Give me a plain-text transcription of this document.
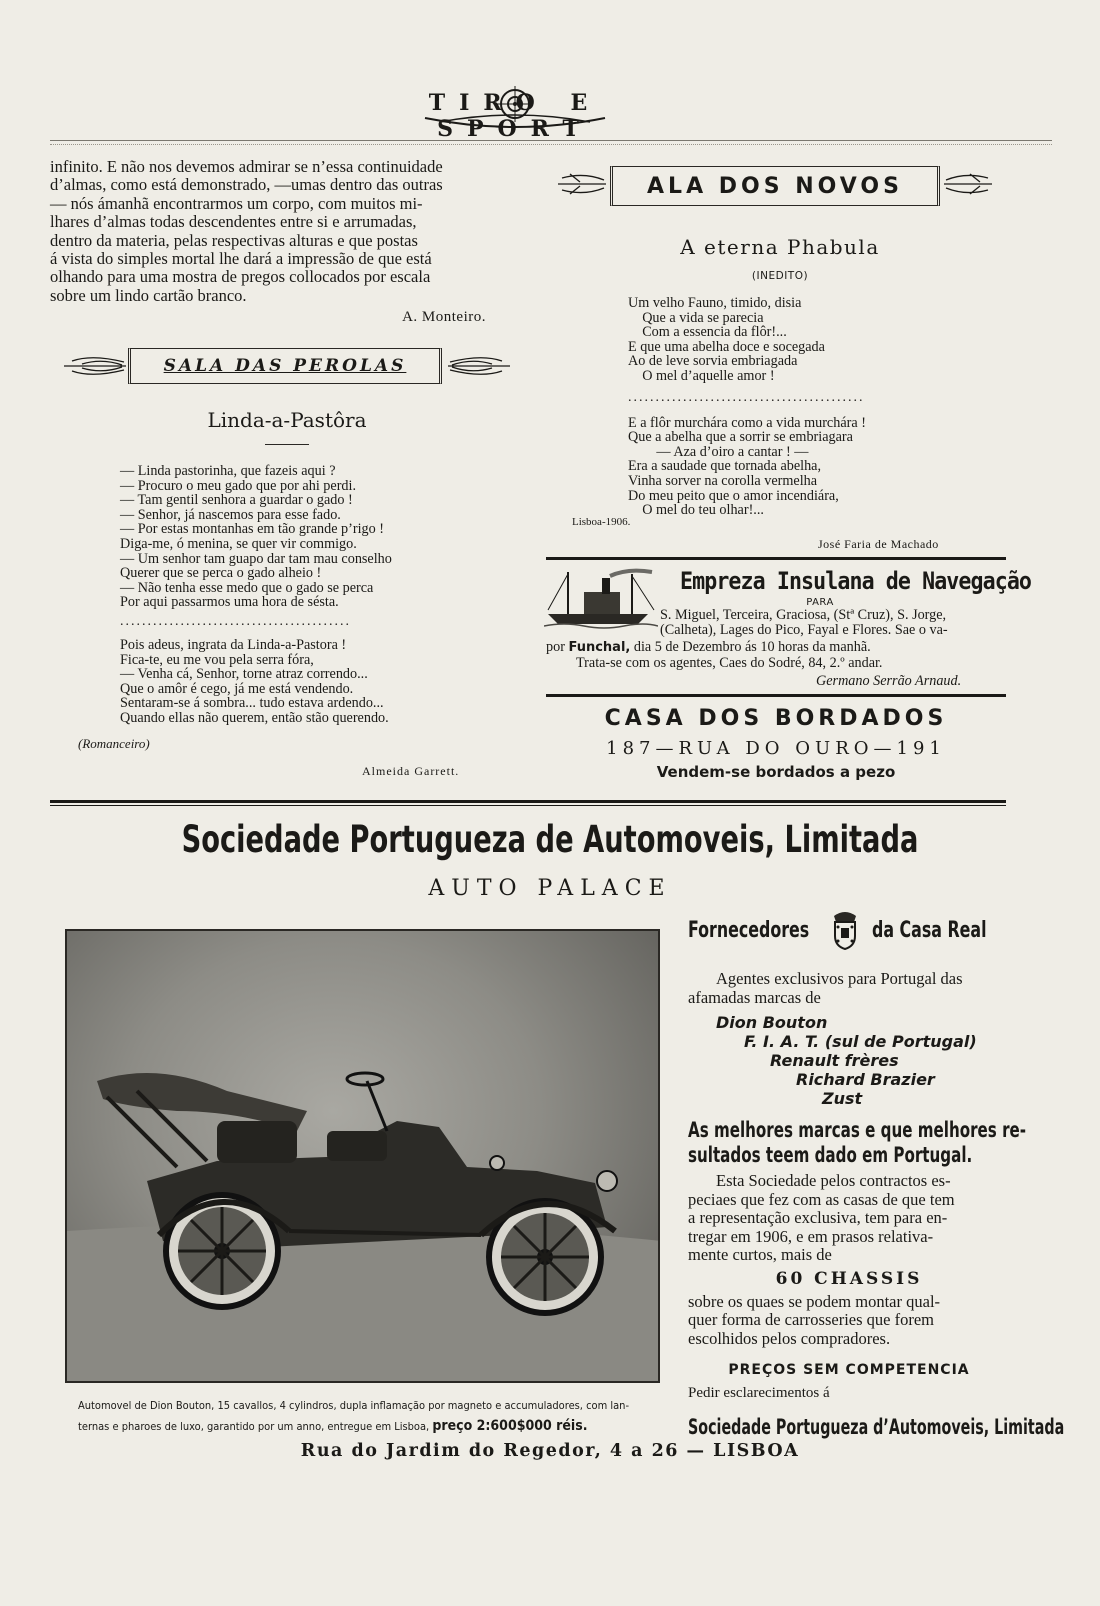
TIRO E SPORT
infinito. E não nos devemos admirar se n’essa continuidade
d’almas, como está demonstrado, —umas dentro das outras
— nós ámanhã encontrarmos um corpo, com muitos mi-
lhares d’almas todas descendentes entre si e arrumadas,
dentro da materia, pelas respectivas alturas e que postas
á vista do simples mortal lhe dará a impressão de que está
olhando para uma mostra de pregos collocados por escala
sobre um lindo cartão branco.
A. Monteiro.
SALA DAS PEROLAS
Linda-a-Pastôra
— Linda pastorinha, que fazeis aqui ?
— Procuro o meu gado que por ahi perdi.
— Tam gentil senhora a guardar o gado !
— Senhor, já nascemos para esse fado.
— Por estas montanhas em tão grande p’rigo !
Diga-me, ó menina, se quer vir commigo.
— Um senhor tam guapo dar tam mau conselho
Querer que se perca o gado alheio !
— Não tenha esse medo que o gado se perca
Por aqui passarmos uma hora de sésta.
..........................................
Pois adeus, ingrata da Linda-a-Pastora !
Fica-te, eu me vou pela serra fóra,
— Venha cá, Senhor, torne atraz correndo...
Que o amôr é cego, já me está vendendo.
Sentaram-se á sombra... tudo estava ardendo...
Quando ellas não querem, então stão querendo.
(Romanceiro)
Almeida Garrett.
ALA DOS NOVOS
A eterna Phabula
(INEDITO)
Um velho Fauno, timido, disia
Que a vida se parecia
Com a essencia da flôr!...
E que uma abelha doce e socegada
Ao de leve sorvia embriagada
O mel d’aquelle amor !
...........................................
E a flôr murchára como a vida murchára !
Que a abelha que a sorrir se embriagara
— Aza d’oiro a cantar ! —
Era a saudade que tornada abelha,
Vinha sorver na corolla vermelha
Do meu peito que o amor incendiára,
O mel do teu olhar!...
Lisboa-1906.
José Faria de Machado
Empreza Insulana de Navegação
PARA
S. Miguel, Terceira, Graciosa, (Stª Cruz), S. Jorge,
(Calheta), Lages do Pico, Fayal e Flores. Sae o va-
por Funchal, dia 5 de Dezembro ás 10 horas da manhã.
Trata-se com os agentes, Caes do Sodré, 84, 2.º andar.
Germano Serrão Arnaud.
CASA DOS BORDADOS
187—RUA DO OURO—191
Vendem-se bordados a pezo
Sociedade Portugueza de Automoveis, Limitada
AUTO PALACE
Automovel de Dion Bouton, 15 cavallos, 4 cylindros, dupla inflamação por magneto e accumuladores, com lan-
ternas e pharoes de luxo, garantido por um anno, entregue em Lisboa, preço 2:600$000 réis.
Rua do Jardim do Regedor, 4 a 26 — LISBOA
Fornecedores	da Casa Real
Agentes exclusivos para Portugal das
afamadas marcas de
Dion Bouton
F. I. A. T. (sul de Portugal)
Renault frères
Richard Brazier
Zust
As melhores marcas e que melhores re-
sultados teem dado em Portugal.
Esta Sociedade pelos contractos es-
peciaes que fez com as casas de que tem
a representação exclusiva, tem para en-
tregar em 1906, e em prasos relativa-
mente curtos, mais de
60 CHASSIS
sobre os quaes se podem montar qual-
quer forma de carrosseries que forem
escolhidos pelos compradores.
PREÇOS SEM COMPETENCIA
Pedir esclarecimentos á
Sociedade Portugueza d’Automoveis, Limitada
